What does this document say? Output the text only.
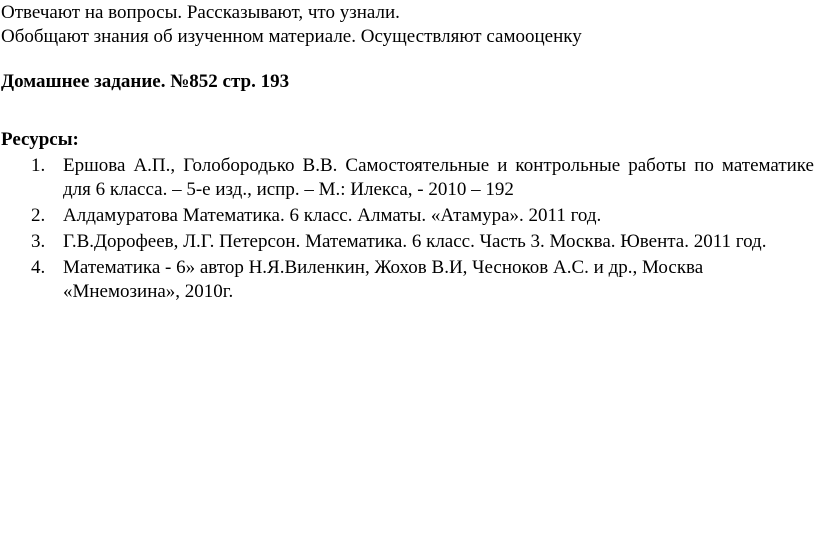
Отвечают на вопросы. Рассказывают, что узнали.
Обобщают знания об изученном материале. Осуществляют самооценку
Домашнее задание. №852 стр. 193
Ресурсы:
1. Ершова А.П., Голобородько В.В. Самостоятельные и контрольные работы по математике для 6 класса. – 5-е изд., испр. – М.: Илекса, - 2010 – 192
2. Алдамуратова Математика. 6 класс. Алматы. «Атамура». 2011 год.
3. Г.В.Дорофеев, Л.Г. Петерсон. Математика. 6 класс. Часть 3. Москва. Ювента. 2011 год.
4. Математика - 6» автор Н.Я.Виленкин, Жохов В.И, Чесноков А.С. и др., Москва «Мнемозина», 2010г.
